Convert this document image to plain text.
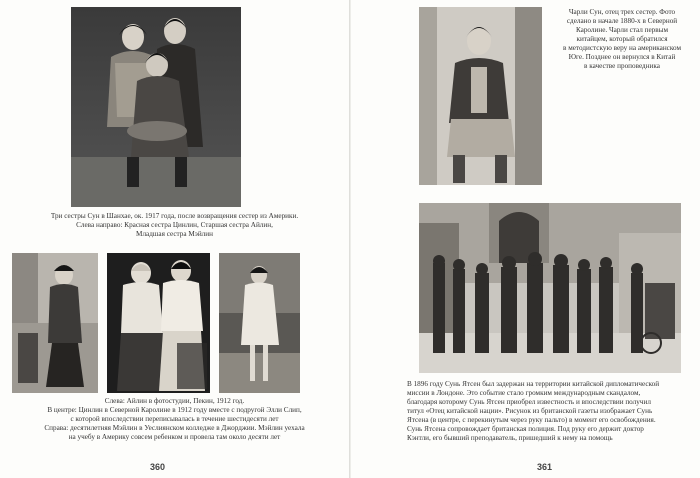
Три сестры Сун в Шанхае, ок. 1917 года, после возвращения сестер из Америки.
Слева направо: Красная сестра Цинлин, Старшая сестра Айлин,
Младшая сестра Мэйлин
Слева: Айлин в фотостудии, Пекин, 1912 год.
В центре: Цинлин в Северной Каролине в 1912 году вместе с подругой Элли Слип,
с которой впоследствии переписывалась в течение шестидесяти лет
Справа: десятилетняя Мэйлин в Уеслиянском колледже в Джорджии. Мэйлин уехала
на учебу в Америку совсем ребенком и провела там около десяти лет
360
Чарли Сун, отец трех сестер. Фото
сделано в начале 1880-х в Северной
Каролине. Чарли стал первым
китайцем, который обратился
в методистскую веру на американском
Юге. Позднее он вернулся в Китай
в качестве проповедника
В 1896 году Сунь Ятсен был задержан на территории китайской дипломатической
миссии в Лондоне. Это событие стало громким международным скандалом,
благодаря которому Сунь Ятсен приобрел известность и впоследствии получил
титул «Отец китайской нации». Рисунок из британской газеты изображает Сунь
Ятсена (в центре, с перекинутым через руку пальто) в момент его освобождения.
Сунь Ятсена сопровождает британская полиция. Под руку его держит доктор
Кэнтли, его бывший преподаватель, пришедший к нему на помощь
361
